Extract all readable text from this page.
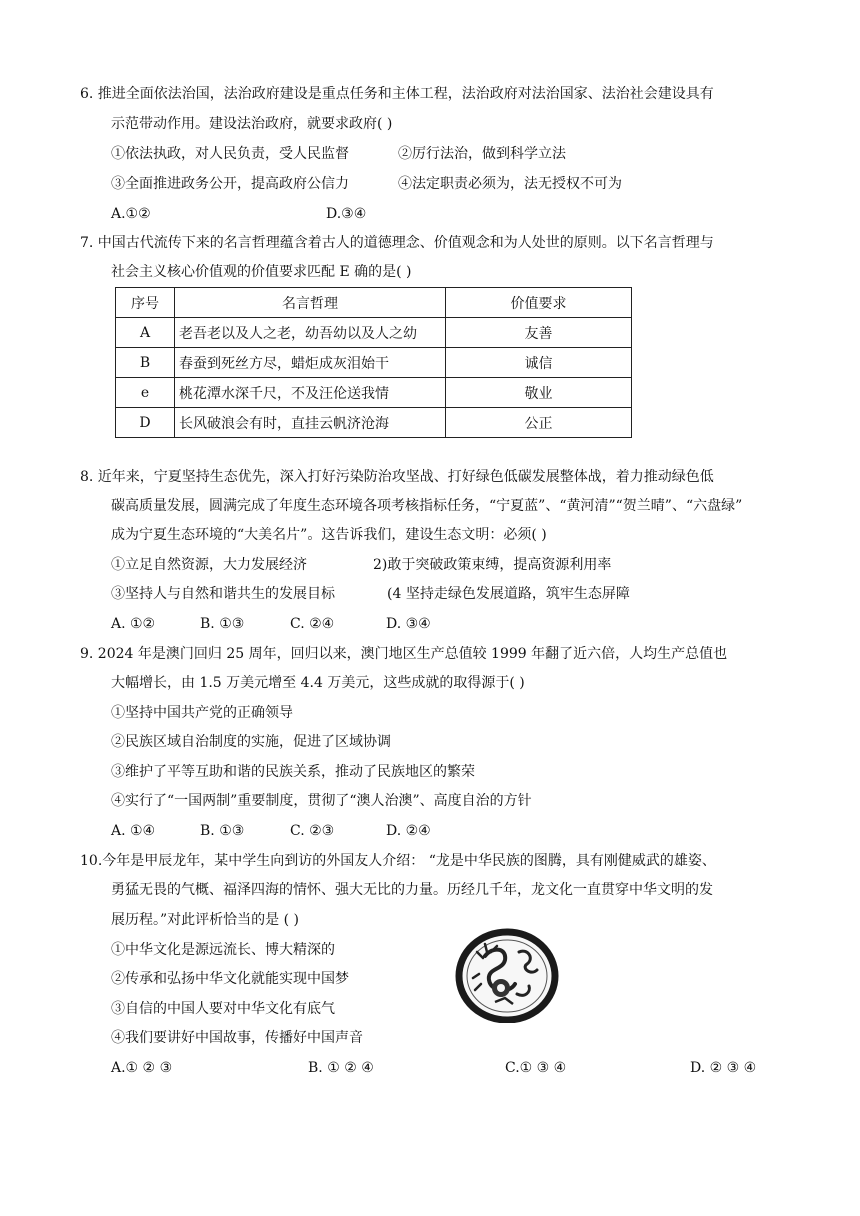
6. 推进全面依法治国，法治政府建设是重点任务和主体工程，法治政府对法治国家、法治社会建设具有
示范带动作用。建设法治政府，就要求政府( )
①依法执政，对人民负责，受人民监督	②厉行法治，做到科学立法
③全面推进政务公开，提高政府公信力	④法定职责必须为，法无授权不可为
A.①②	D.③④
7. 中国古代流传下来的名言哲理蕴含着古人的道德理念、价值观念和为人处世的原则。以下名言哲理与
社会主义核心价值观的价值要求匹配 E 确的是( )
序号	名言哲理	价值要求
A	老吾老以及人之老，幼吾幼以及人之幼	友善
B	春蚕到死丝方尽，蜡炬成灰泪始干	诚信
e	桃花潭水深千尺，不及汪伦送我情	敬业
D	长风破浪会有时，直挂云帆济沧海	公正
8. 近年来，宁夏坚持生态优先，深入打好污染防治攻坚战、打好绿色低碳发展整体战，着力推动绿色低
碳高质量发展，圆满完成了年度生态环境各项考核指标任务，“宁夏蓝”、“黄河清”“贺兰晴”、“六盘绿”
成为宁夏生态环境的“大美名片”。这告诉我们，建设生态文明：必须( )
①立足自然资源，大力发展经济	2)敢于突破政策束缚，提高资源利用率
③坚持人与自然和谐共生的发展目标	(4 坚持走绿色发展道路，筑牢生态屏障
A. ①②	B. ①③	C. ②④	D. ③④
9. 2024 年是澳门回归 25 周年，回归以来，澳门地区生产总值较 1999 年翻了近六倍，人均生产总值也
大幅增长，由 1.5 万美元增至 4.4 万美元，这些成就的取得源于( )
①坚持中国共产党的正确领导
②民族区域自治制度的实施，促进了区域协调
③维护了平等互助和谐的民族关系，推动了民族地区的繁荣
④实行了“一国两制”重要制度，贯彻了“澳人治澳”、高度自治的方针
A. ①④	B. ①③	C. ②③	D. ②④
10.今年是甲辰龙年，某中学生向到访的外国友人介绍： “龙是中华民族的图腾，具有刚健威武的雄姿、
勇猛无畏的气概、福泽四海的情怀、强大无比的力量。历经几千年，龙文化一直贯穿中华文明的发
展历程。”对此评析恰当的是 ( )
①中华文化是源远流长、博大精深的
②传承和弘扬中华文化就能实现中国梦
③自信的中国人要对中华文化有底气
④我们要讲好中国故事，传播好中国声音
A.① ② ③	B. ① ② ④	C.① ③ ④	D. ② ③ ④
